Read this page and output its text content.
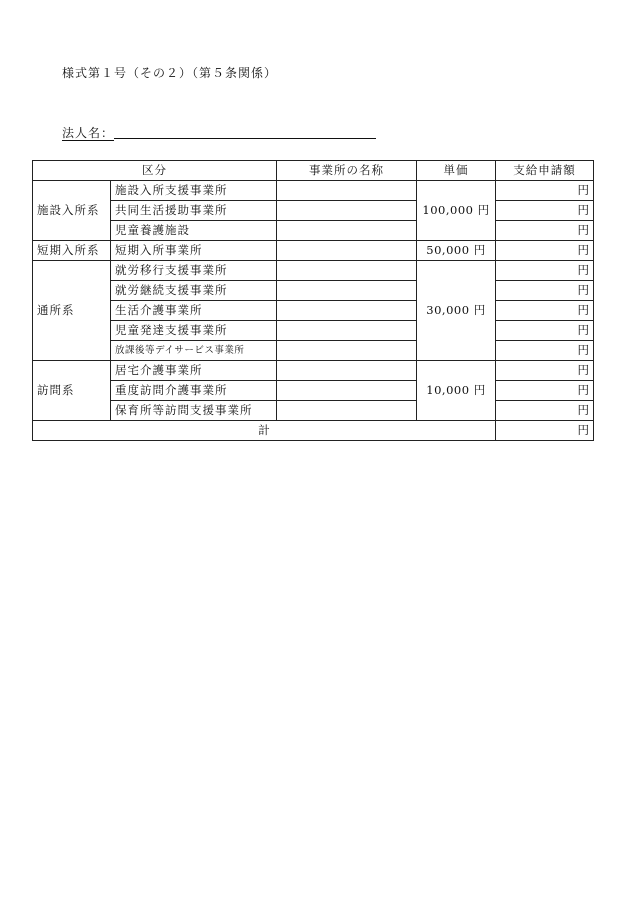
様式第１号（その２）（第５条関係）
法人名：
区分		事業所の名称	単価	支給申請額
施設入所系	施設入所支援事業所		100,000 円	円
	共同生活援助事業所			円
	児童養護施設			円
短期入所系	短期入所事業所		50,000 円	円
通所系	就労移行支援事業所		30,000 円	円
	就労継続支援事業所			円
	生活介護事業所			円
	児童発達支援事業所			円
	放課後等デイサービス事業所			円
訪問系	居宅介護事業所		10,000 円	円
	重度訪問介護事業所			円
	保育所等訪問支援事業所			円
計				円
